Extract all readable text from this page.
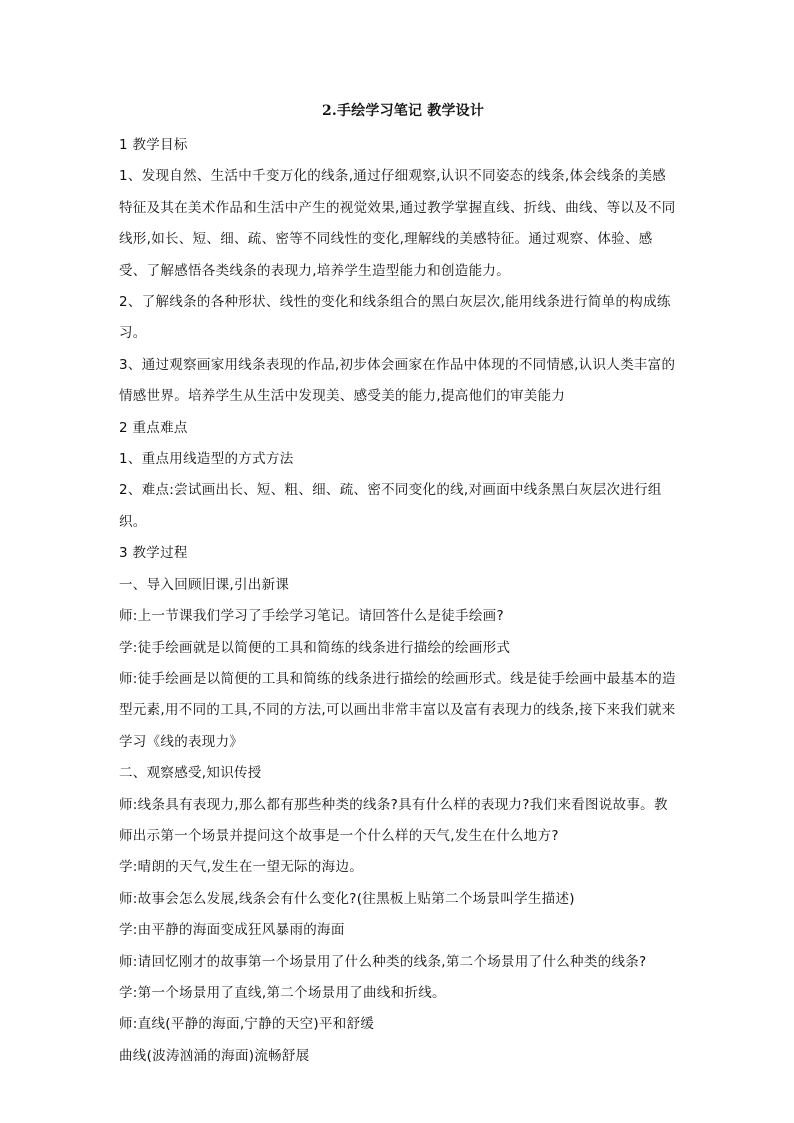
2.手绘学习笔记 教学设计

1 教学目标

1、发现自然、生活中千变万化的线条,通过仔细观察,认识不同姿态的线条,体会线条的美感特征及其在美术作品和生活中产生的视觉效果,通过教学掌握直线、折线、曲线、等以及不同线形,如长、短、细、疏、密等不同线性的变化,理解线的美感特征。通过观察、体验、感受、了解感悟各类线条的表现力,培养学生造型能力和创造能力。

2、了解线条的各种形状、线性的变化和线条组合的黑白灰层次,能用线条进行简单的构成练习。

3、通过观察画家用线条表现的作品,初步体会画家在作品中体现的不同情感,认识人类丰富的情感世界。培养学生从生活中发现美、感受美的能力,提高他们的审美能力

2 重点难点

1、重点用线造型的方式方法

2、难点:尝试画出长、短、粗、细、疏、密不同变化的线,对画面中线条黑白灰层次进行组织。

3 教学过程

一、导入回顾旧课,引出新课

师:上一节课我们学习了手绘学习笔记。请回答什么是徒手绘画?

学:徒手绘画就是以简便的工具和简练的线条进行描绘的绘画形式

师:徒手绘画是以简便的工具和简练的线条进行描绘的绘画形式。线是徒手绘画中最基本的造型元素,用不同的工具,不同的方法,可以画出非常丰富以及富有表现力的线条,接下来我们就来学习《线的表现力》

二、观察感受,知识传授

师:线条具有表现力,那么都有那些种类的线条?具有什么样的表现力?我们来看图说故事。教师出示第一个场景并提问这个故事是一个什么样的天气,发生在什么地方?

学:晴朗的天气,发生在一望无际的海边。

师:故事会怎么发展,线条会有什么变化?(往黑板上贴第二个场景叫学生描述)

学:由平静的海面变成狂风暴雨的海面

师:请回忆刚才的故事第一个场景用了什么种类的线条,第二个场景用了什么种类的线条?

学:第一个场景用了直线,第二个场景用了曲线和折线。

师:直线(平静的海面,宁静的天空)平和舒缓

曲线(波涛汹涌的海面)流畅舒展
